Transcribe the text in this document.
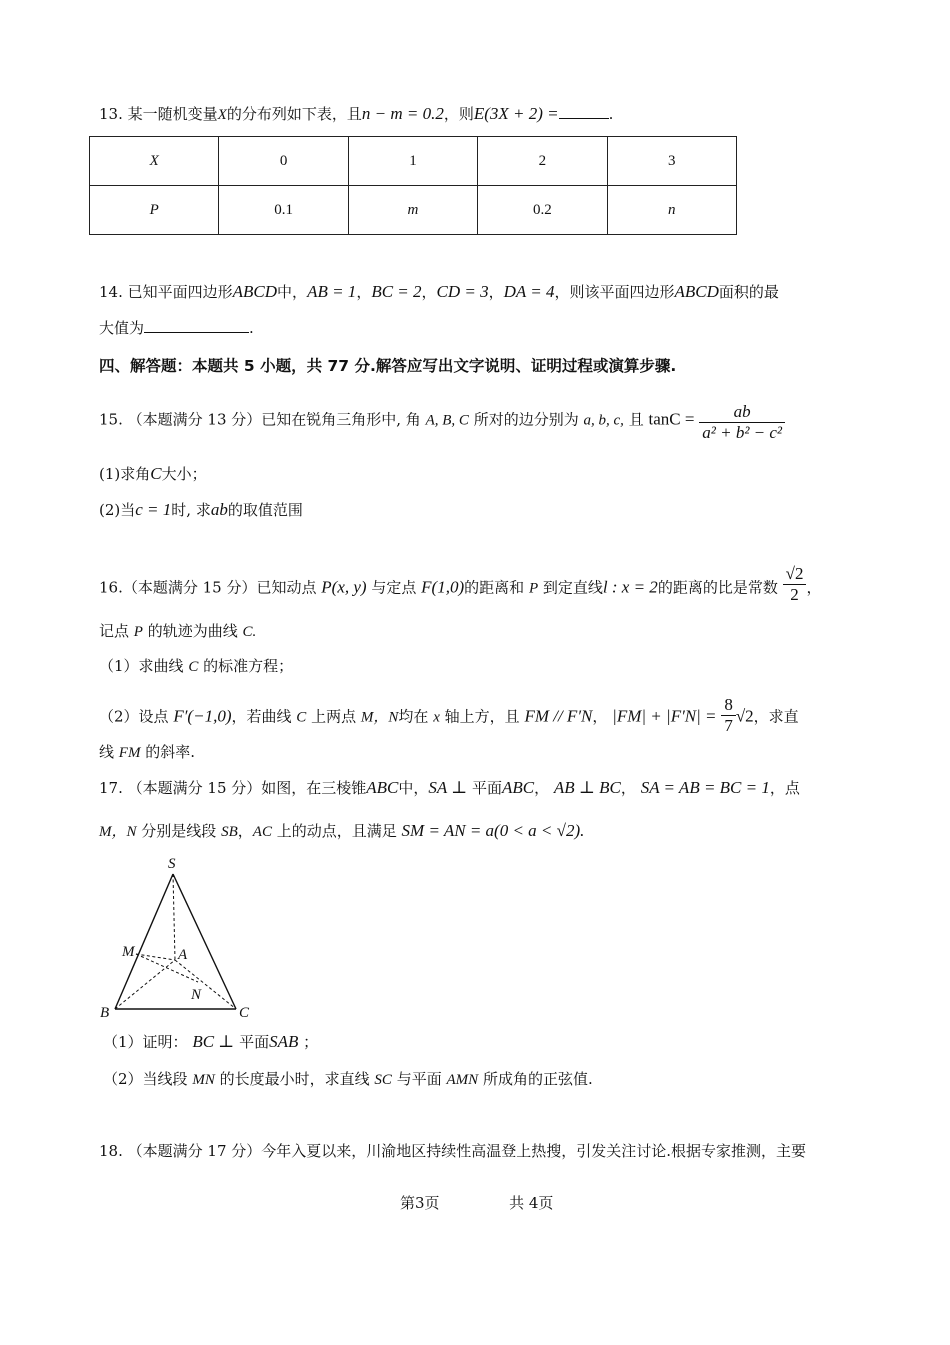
13. 某一随机变量X的分布列如下表，且n − m = 0.2，则E(3X + 2) =	.
X	0	1	2	3
P	0.1	m	0.2	n
14. 已知平面四边形ABCD中，AB = 1，BC = 2，CD = 3，DA = 4，则该平面四边形ABCD面积的最
大值为	.
四、解答题：本题共 5 小题，共 77 分.解答应写出文字说明、证明过程或演算步骤.
15. （本题满分 13 分）已知在锐角三角形中, 角 A, B, C 所对的边分别为 a, b, c, 且 $\tan C = \frac{ab}{\text{a² + b² − c²}}$
(1)求角C大小；
(2)当c = 1时, 求ab的取值范围
16.（本题满分 15 分）已知动点 P(x, y) 与定点 F(1,0)的距离和 P 到定直线l : x = 2的距离的比是常数 $\frac{√2}{2}$ ，
记点 P 的轨迹为曲线 C.
（1）求曲线 C 的标准方程；
（2）设点 F′(−1,0)，若曲线 C 上两点 M，N均在 x 轴上方，且 FM // F′N， $|FM| + |F'N| = \frac{8}{7} √2$，求直
线 FM 的斜率.
17. （本题满分 15 分）如图，在三棱锥ABC中，SA ⊥ 平面ABC， AB ⊥ BC， SA = AB = BC = 1，点
M，N 分别是线段 SB，AC 上的动点，且满足 SM = AN = a(0 < a < √2).
S
M	A
N
B	C
（1）证明： BC ⊥ 平面SAB ；
（2）当线段 MN 的长度最小时，求直线 SC 与平面 AMN 所成角的正弦值.
18. （本题满分 17 分）今年入夏以来，川渝地区持续性高温登上热搜，引发关注讨论.根据专家推测，主要
第3页	共 4页
